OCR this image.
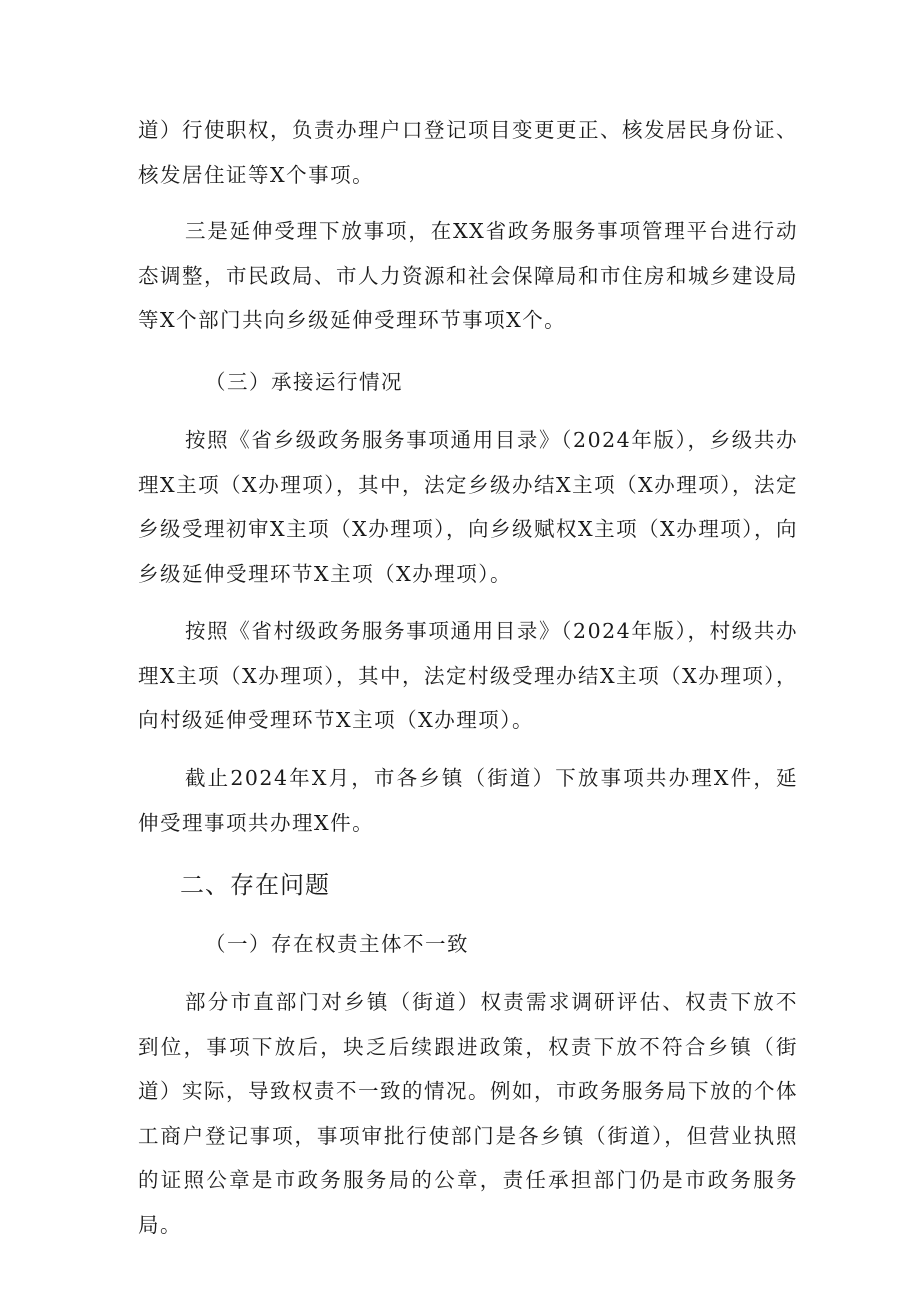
道）行使职权，负责办理户口登记项目变更更正、核发居民身份证、核发居住证等X个事项。

三是延伸受理下放事项，在XX省政务服务事项管理平台进行动态调整，市民政局、市人力资源和社会保障局和市住房和城乡建设局等X个部门共向乡级延伸受理环节事项X个。

（三）承接运行情况

按照《省乡级政务服务事项通用目录》（2024年版），乡级共办理X主项（X办理项），其中，法定乡级办结X主项（X办理项），法定乡级受理初审X主项（X办理项），向乡级赋权X主项（X办理项），向乡级延伸受理环节X主项（X办理项）。

按照《省村级政务服务事项通用目录》（2024年版），村级共办理X主项（X办理项），其中，法定村级受理办结X主项（X办理项），向村级延伸受理环节X主项（X办理项）。

截止2024年X月，市各乡镇（街道）下放事项共办理X件，延伸受理事项共办理X件。

二、存在问题

（一）存在权责主体不一致

部分市直部门对乡镇（街道）权责需求调研评估、权责下放不到位，事项下放后，块乏后续跟进政策，权责下放不符合乡镇（街道）实际，导致权责不一致的情况。例如，市政务服务局下放的个体工商户登记事项，事项审批行使部门是各乡镇（街道），但营业执照的证照公章是市政务服务局的公章，责任承担部门仍是市政务服务局。
